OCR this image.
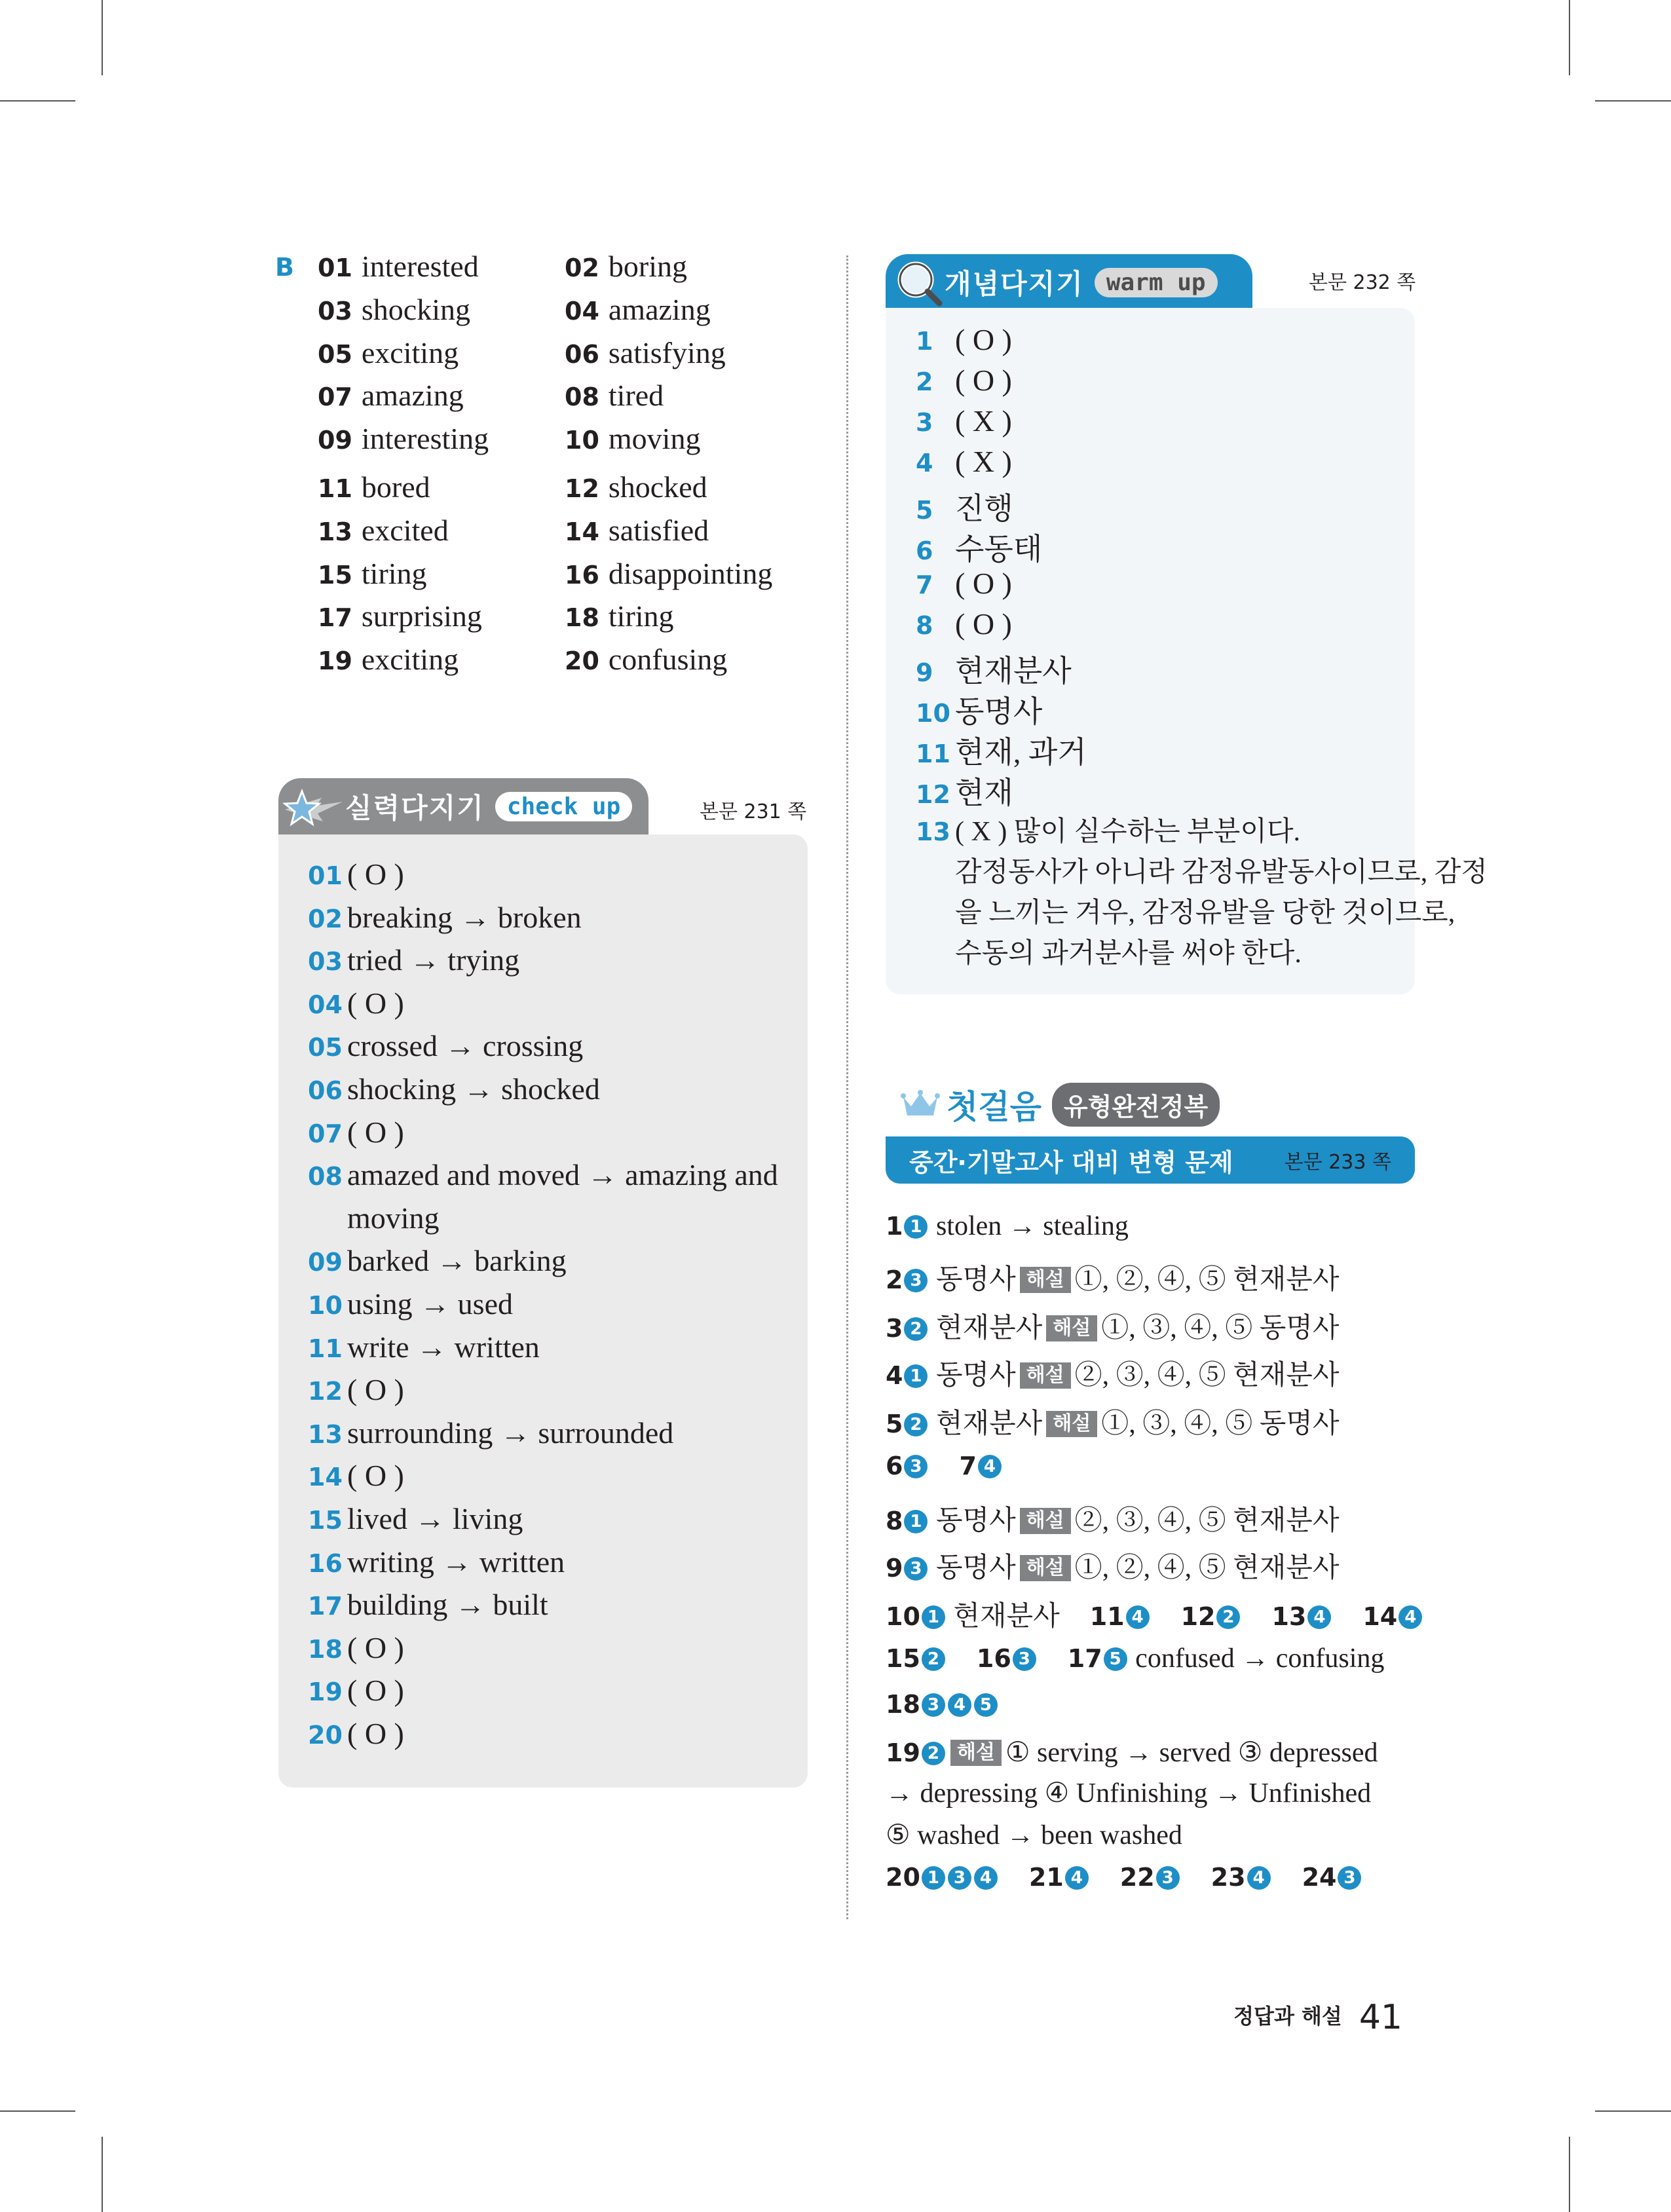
B 01 interested	02 boring
03 shocking	04 amazing
05 exciting	06 satisfying
07 amazing	08 tired
09 interesting	10 moving
11 bored	12 shocked
13 excited	14 satisfied
15 tiring	16 disappointing
17 surprising	18 tiring
19 exciting	20 confusing
실력다지기 check up	본문 231 쪽
01 ( O )
02 breaking → broken
03 tried → trying
04 ( O )
05 crossed → crossing
06 shocking → shocked
07 ( O )
08 amazed and moved → amazing and
moving
09 barked → barking
10 using → used
11 write → written
12 ( O )
13 surrounding → surrounded
14 ( O )
15 lived → living
16 writing → written
17 building → built
18 ( O )
19 ( O )
20 ( O )
개념다지기 warm up	본문 232 쪽
1 ( O )
2 ( O )
3 ( X )
4 ( X )
5 진행
6 수동태
7 ( O )
8 ( O )
9 현재분사
10 동명사
11 현재, 과거
12 현재
13 ( X ) 많이 실수하는 부분이다.
감정동사가 아니라 감정유발동사이므로, 감정
을 느끼는 겨우, 감정유발을 당한 것이므로,
수동의 과거분사를 써야 한다.
첫걸음 유형완전정복
중간·기말고사 대비 변형 문제	본문 233 쪽
1 1 stolen → stealing
2 3 동명사 해설 ①, ②, ④, ⑤ 현재분사
3 2 현재분사 해설 ①, ③, ④, ⑤ 동명사
4 1 동명사 해설 ②, ③, ④, ⑤ 현재분사
5 2 현재분사 해설 ①, ③, ④, ⑤ 동명사
6 3 7 4
8 1 동명사 해설 ②, ③, ④, ⑤ 현재분사
9 3 동명사 해설 ①, ②, ④, ⑤ 현재분사
10 1 현재분사 11 4 12 2 13 4 14 4
15 2 16 3 17 5 confused → confusing
18 3 4 5
19 2 해설 ① serving → served ③ depressed
→ depressing ④ Unfinishing → Unfinished
⑤ washed → been washed
20 1 3 4 21 4 22 3 23 4 24 3
정답과 해설 41
